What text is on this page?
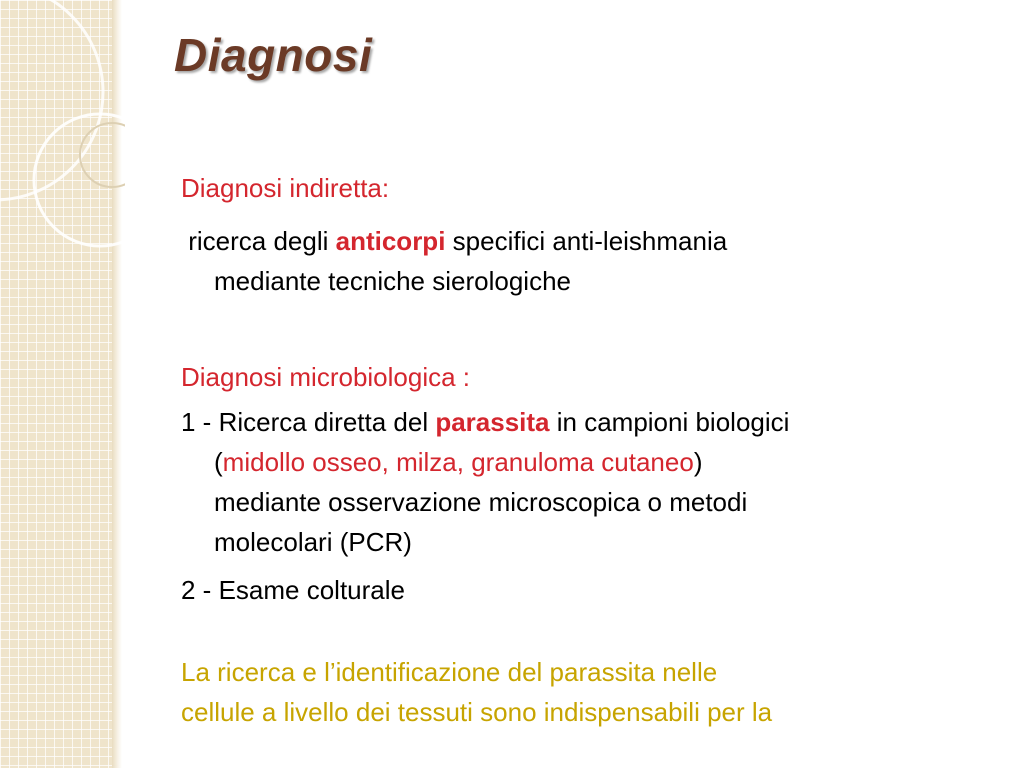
Diagnosi

Diagnosi indiretta:

ricerca degli anticorpi specifici anti-leishmania

mediante tecniche sierologiche

Diagnosi microbiologica :

1 - Ricerca diretta del parassita in campioni biologici

(midollo osseo, milza, granuloma cutaneo)

mediante osservazione microscopica o metodi

molecolari (PCR)

2 - Esame colturale

La ricerca e l’identificazione del parassita nelle

cellule a livello dei tessuti sono indispensabili per la
